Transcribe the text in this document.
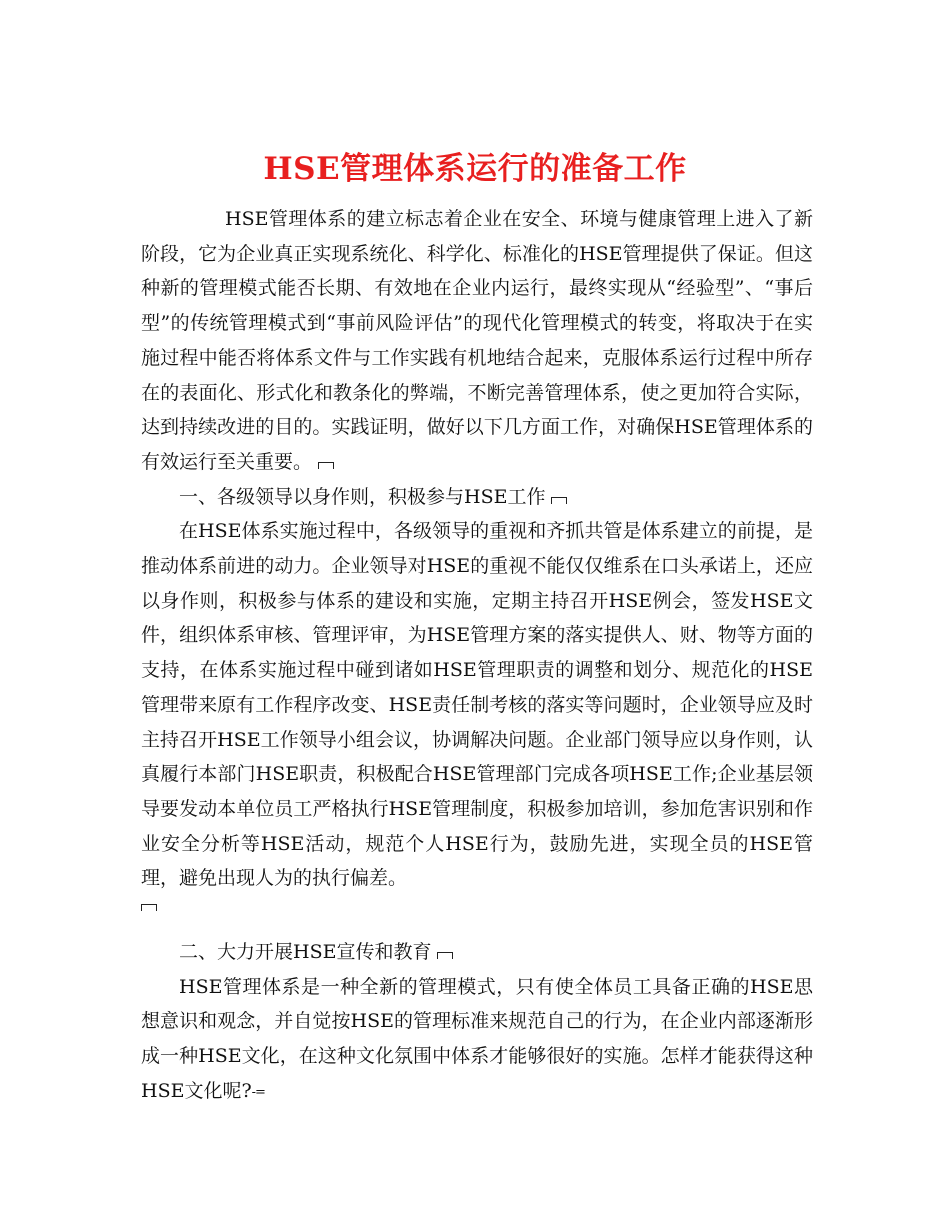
HSE管理体系运行的准备工作

HSE管理体系的建立标志着企业在安全、环境与健康管理上进入了新阶段，它为企业真正实现系统化、科学化、标准化的HSE管理提供了保证。但这种新的管理模式能否长期、有效地在企业内运行，最终实现从“经验型”、“事后型”的传统管理模式到“事前风险评估”的现代化管理模式的转变，将取决于在实施过程中能否将体系文件与工作实践有机地结合起来，克服体系运行过程中所存在的表面化、形式化和教条化的弊端，不断完善管理体系，使之更加符合实际，达到持续改进的目的。实践证明，做好以下几方面工作，对确保HSE管理体系的有效运行至关重要。

一、各级领导以身作则，积极参与HSE工作

在HSE体系实施过程中，各级领导的重视和齐抓共管是体系建立的前提，是推动体系前进的动力。企业领导对HSE的重视不能仅仅维系在口头承诺上，还应以身作则，积极参与体系的建设和实施，定期主持召开HSE例会，签发HSE文件，组织体系审核、管理评审，为HSE管理方案的落实提供人、财、物等方面的支持，在体系实施过程中碰到诸如HSE管理职责的调整和划分、规范化的HSE管理带来原有工作程序改变、HSE责任制考核的落实等问题时，企业领导应及时主持召开HSE工作领导小组会议，协调解决问题。企业部门领导应以身作则，认真履行本部门HSE职责，积极配合HSE管理部门完成各项HSE工作;企业基层领导要发动本单位员工严格执行HSE管理制度，积极参加培训，参加危害识别和作业安全分析等HSE活动，规范个人HSE行为，鼓励先进，实现全员的HSE管理，避免出现人为的执行偏差。

二、大力开展HSE宣传和教育

HSE管理体系是一种全新的管理模式，只有使全体员工具备正确的HSE思想意识和观念，并自觉按HSE的管理标准来规范自己的行为，在企业内部逐渐形成一种HSE文化，在这种文化氛围中体系才能够很好的实施。怎样才能获得这种HSE文化呢?-=
